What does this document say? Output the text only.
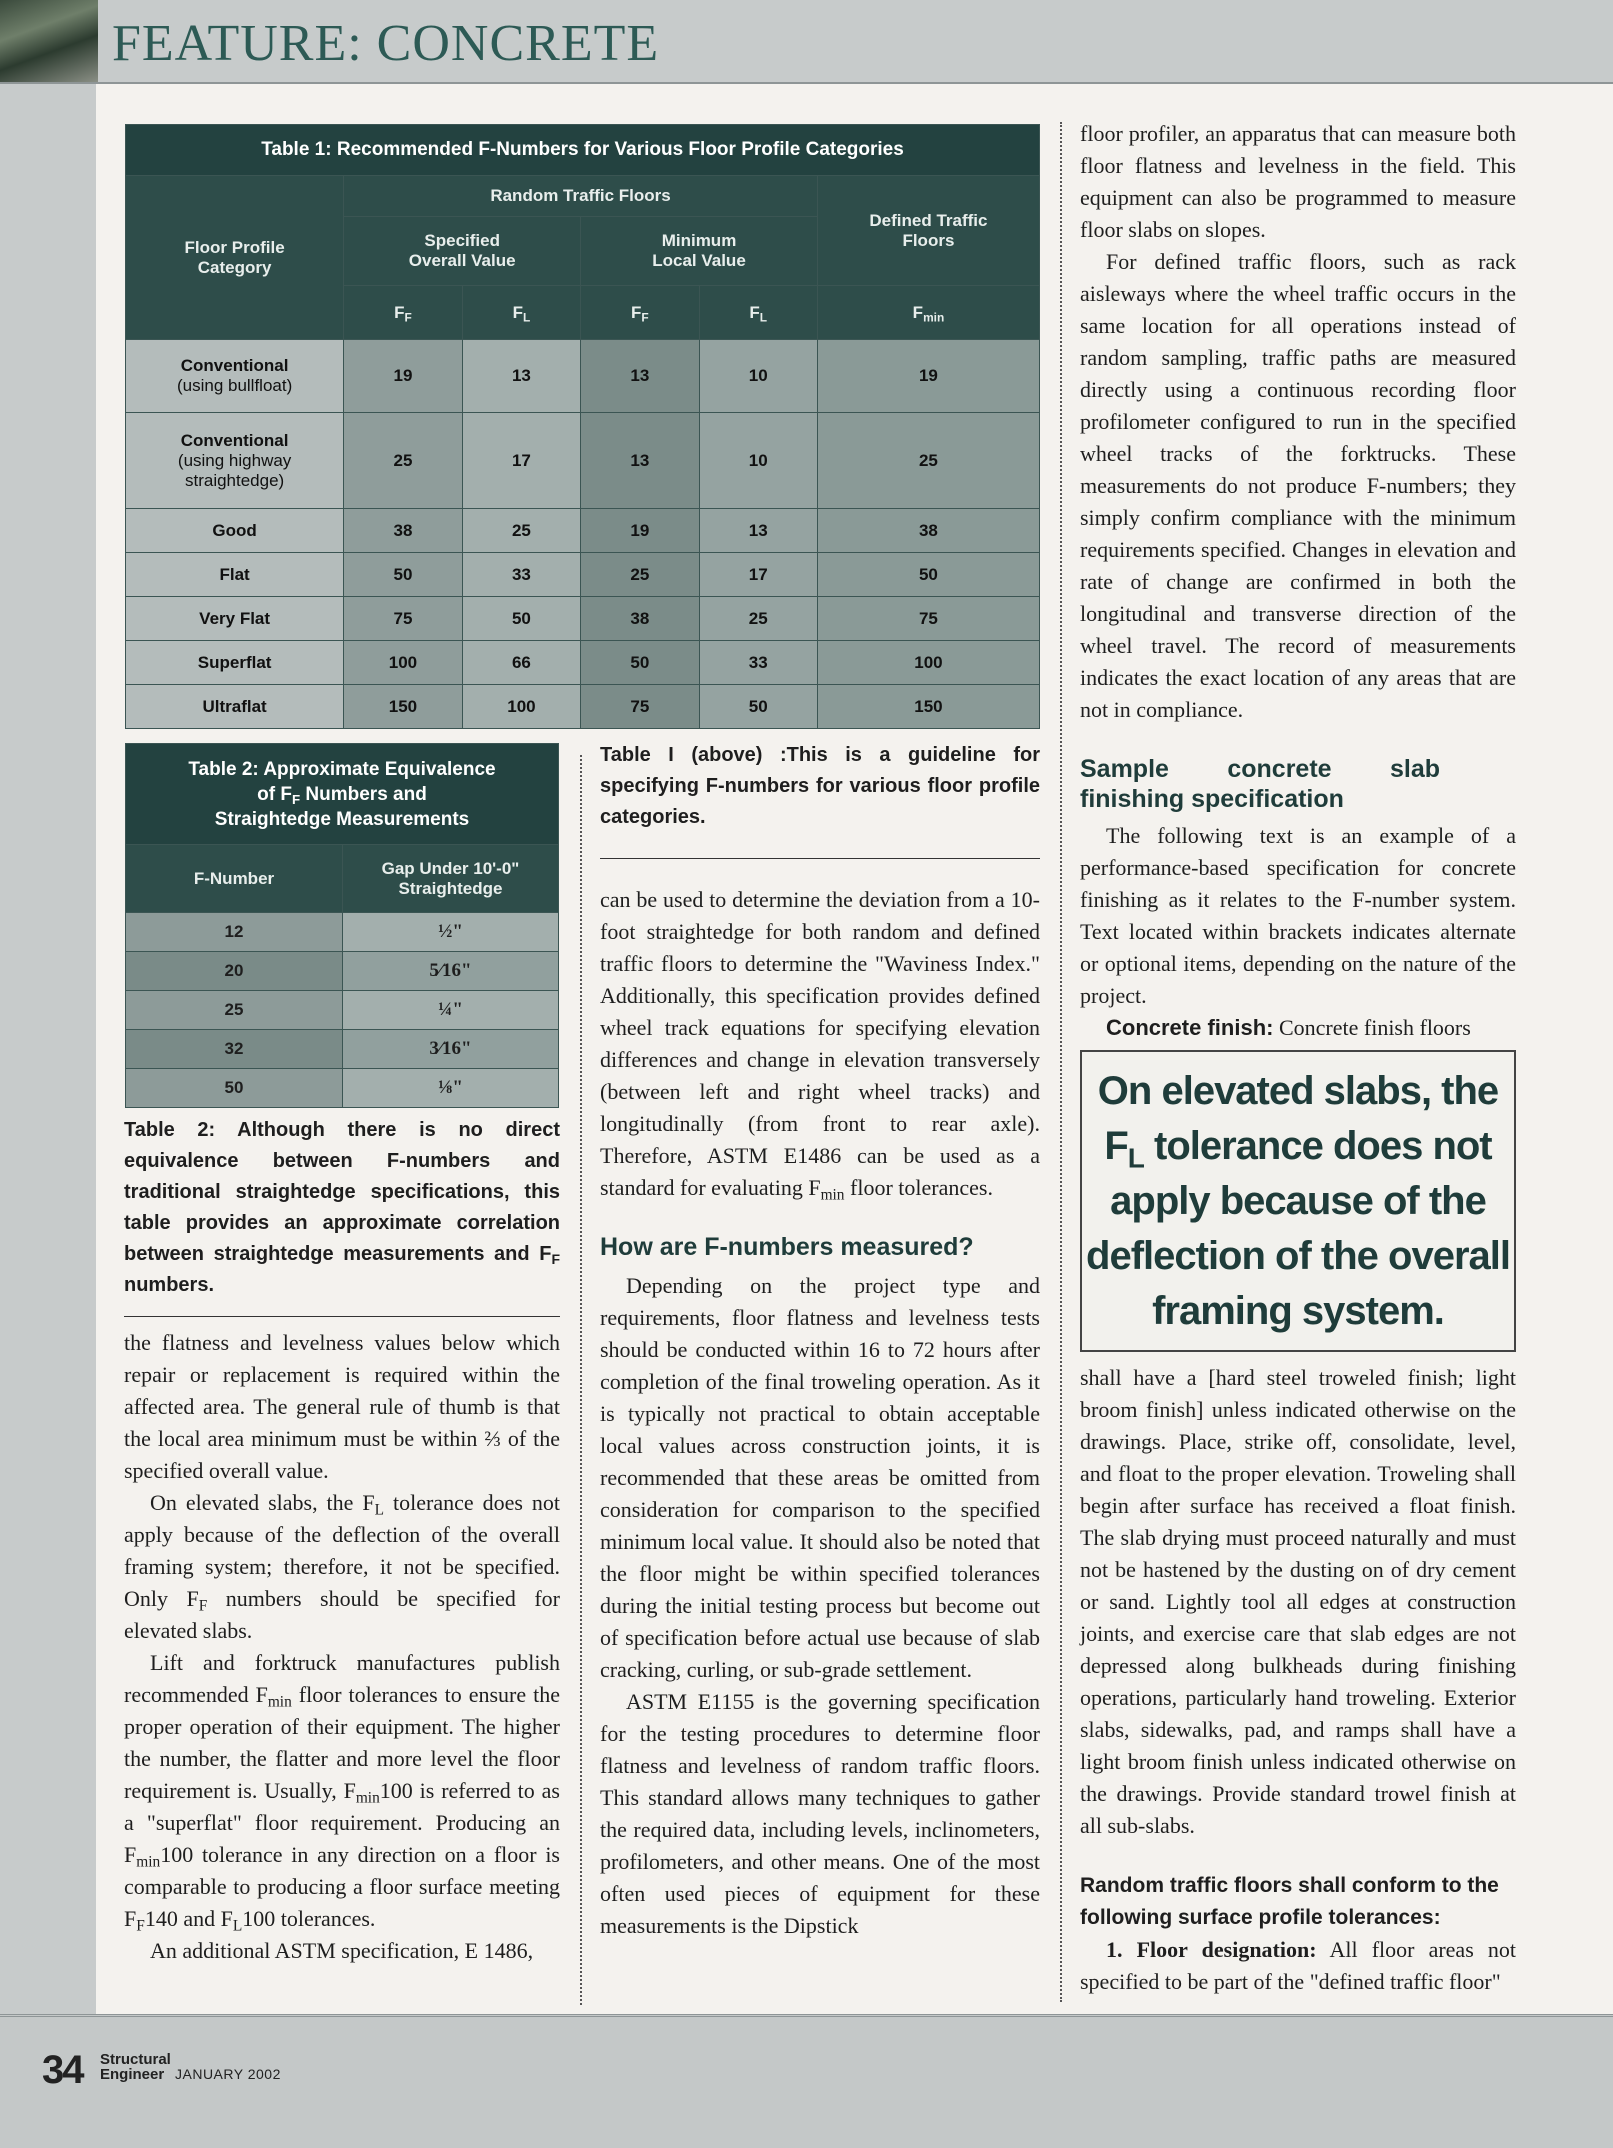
FEATURE: CONCRETE
Table 1: Recommended F-Numbers for Various Floor Profile Categories					
Floor Profile Category	Random Traffic Floors				Defined Traffic Floors
	Specified Overall Value		Minimum Local Value		
	$F_F$	$F_L$	$F_F$	$F_L$	$F_{min}$
Conventional
(using bullfloat)	19	13	13	10	19
Conventional
(using highway straightedge)	25	17	13	10	25
Good	38	25	19	13	38
Flat	50	33	25	17	50
Very Flat	75	50	38	25	75
Superflat	100	66	50	33	100
Ultraflat	150	100	75	50	150
Table 2: Approximate Equivalence
of $F_F$ Numbers and
Straightedge Measurements	
F-Number	Gap Under 10'-0" Straightedge
12	½"
20	5⁄16"
25	¼"
32	3⁄16"
50	⅛"
Table 2: Although there is no direct equivalence between F-numbers and traditional straightedge specifications, this table provides an approximate correlation between straightedge measurements and $F_F$ numbers.

the flatness and levelness values below which repair or replacement is required within the affected area. The general rule of thumb is that the local area minimum must be within ⅔ of the specified overall value.

On elevated slabs, the $F_L$ tolerance does not apply because of the deflection of the overall framing system; therefore, it not be specified. Only $F_F$ numbers should be specified for elevated slabs.

Lift and forktruck manufactures publish recommended $F_{min}$ floor tolerances to ensure the proper operation of their equipment. The higher the number, the flatter and more level the floor requirement is. Usually, $F_{min}100$ is referred to as a "superflat" floor requirement. Producing an $F_{min}100$ tolerance in any direction on a floor is comparable to producing a floor surface meeting $F_F140$ and $F_L100$ tolerances.

An additional ASTM specification, E 1486,

Table I (above) :This is a guideline for specifying F-numbers for various floor profile categories.

can be used to determine the deviation from a 10-foot straightedge for both random and defined traffic floors to determine the "Waviness Index." Additionally, this specification provides defined wheel track equations for specifying elevation differences and change in elevation transversely (between left and right wheel tracks) and longitudinally (from front to rear axle). Therefore, ASTM E1486 can be used as a standard for evaluating $F_{min}$ floor tolerances.

How are F-numbers measured?

Depending on the project type and requirements, floor flatness and levelness tests should be conducted within 16 to 72 hours after completion of the final troweling operation. As it is typically not practical to obtain acceptable local values across construction joints, it is recommended that these areas be omitted from consideration for comparison to the specified minimum local value. It should also be noted that the floor might be within specified tolerances during the initial testing process but become out of specification before actual use because of slab cracking, curling, or sub-grade settlement.

ASTM E1155 is the governing specification for the testing procedures to determine floor flatness and levelness of random traffic floors. This standard allows many techniques to gather the required data, including levels, inclinometers, profilometers, and other means. One of the most often used pieces of equipment for these measurements is the Dipstick

floor profiler, an apparatus that can measure both floor flatness and levelness in the field. This equipment can also be programmed to measure floor slabs on slopes.

For defined traffic floors, such as rack aisleways where the wheel traffic occurs in the same location for all operations instead of random sampling, traffic paths are measured directly using a continuous recording floor profilometer configured to run in the specified wheel tracks of the forktrucks. These measurements do not produce F-numbers; they simply confirm compliance with the minimum requirements specified. Changes in elevation and rate of change are confirmed in both the longitudinal and transverse direction of the wheel travel. The record of measurements indicates the exact location of any areas that are not in compliance.

Sample concrete slab finishing specification

The following text is an example of a performance-based specification for concrete finishing as it relates to the F-number system. Text located within brackets indicates alternate or optional items, depending on the nature of the project.

Concrete finish: Concrete finish floors

On elevated slabs, the $F_L$ tolerance does not apply because of the deflection of the overall framing system.

shall have a [hard steel troweled finish; light broom finish] unless indicated otherwise on the drawings. Place, strike off, consolidate, level, and float to the proper elevation. Troweling shall begin after surface has received a float finish. The slab drying must proceed naturally and must not be hastened by the dusting on of dry cement or sand. Lightly tool all edges at construction joints, and exercise care that slab edges are not depressed along bulkheads during finishing operations, particularly hand troweling. Exterior slabs, sidewalks, pad, and ramps shall have a light broom finish unless indicated otherwise on the drawings. Provide standard trowel finish at all sub-slabs.

Random traffic floors shall conform to the following surface profile tolerances:

1. Floor designation: All floor areas not specified to be part of the "defined traffic floor"

34 Structural
Engineer JANUARY 2002
